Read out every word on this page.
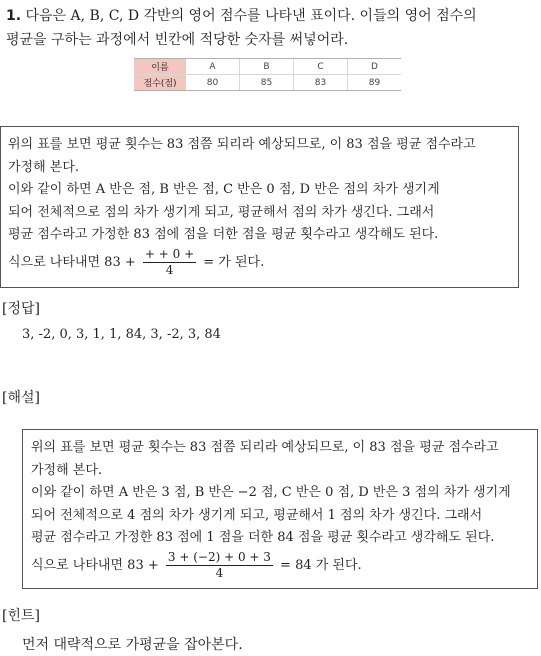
1. 다음은 A, B, C, D 각반의 영어 점수를 나타낸 표이다. 이들의 영어 점수의
평균을 구하는 과정에서 빈칸에 적당한 숫자를 써넣어라.
이름	A	B	C	D
점수(점)	80	85	83	89
위의 표를 보면 평균 횟수는 83 점쯤 되리라 예상되므로, 이 83 점을 평균 점수라고
가정해 본다.
이와 같이 하면 A 반은 점, B 반은 점, C 반은 0 점, D 반은 점의 차가 생기게
되어 전체적으로 점의 차가 생기게 되고, 평균해서 점의 차가 생긴다. 그래서
평균 점수라고 가정한 83 점에 점을 더한 점을 평균 횟수라고 생각해도 된다.
식으로 나타내면 $83 + \frac{+ + 0 +}{4}$ = 가 된다.
[정답]
3, -2, 0, 3, 1, 1, 84, 3, -2, 3, 84
[해설]
위의 표를 보면 평균 횟수는 83 점쯤 되리라 예상되므로, 이 83 점을 평균 점수라고
가정해 본다.
이와 같이 하면 A 반은 3 점, B 반은 −2 점, C 반은 0 점, D 반은 3 점의 차가 생기게
되어 전체적으로 4 점의 차가 생기게 되고, 평균해서 1 점의 차가 생긴다. 그래서
평균 점수라고 가정한 83 점에 1 점을 더한 84 점을 평균 횟수라고 생각해도 된다.
식으로 나타내면 $83 + \frac{3 + (-2) + 0 + 3}{4} = 84$ 가 된다.
[힌트]
먼저 대략적으로 가평균을 잡아본다.
